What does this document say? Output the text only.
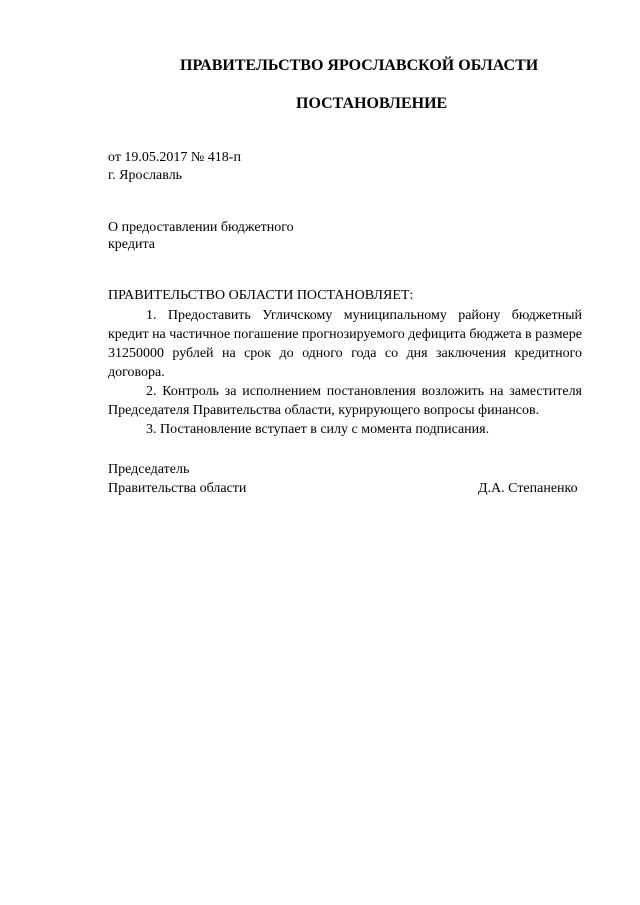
ПРАВИТЕЛЬСТВО ЯРОСЛАВСКОЙ ОБЛАСТИ
ПОСТАНОВЛЕНИЕ
от 19.05.2017 № 418-п
г. Ярославль
О предоставлении бюджетного
кредита
ПРАВИТЕЛЬСТВО ОБЛАСТИ ПОСТАНОВЛЯЕТ:

1. Предоставить Угличскому муниципальному району бюджетный кредит на частичное погашение прогнозируемого дефицита бюджета в размере 31250000 рублей на срок до одного года со дня заключения кредитного договора.

2. Контроль за исполнением постановления возложить на заместителя Председателя Правительства области, курирующего вопросы финансов.

3. Постановление вступает в силу с момента подписания.

Председатель
Правительства области	Д.А. Степаненко
